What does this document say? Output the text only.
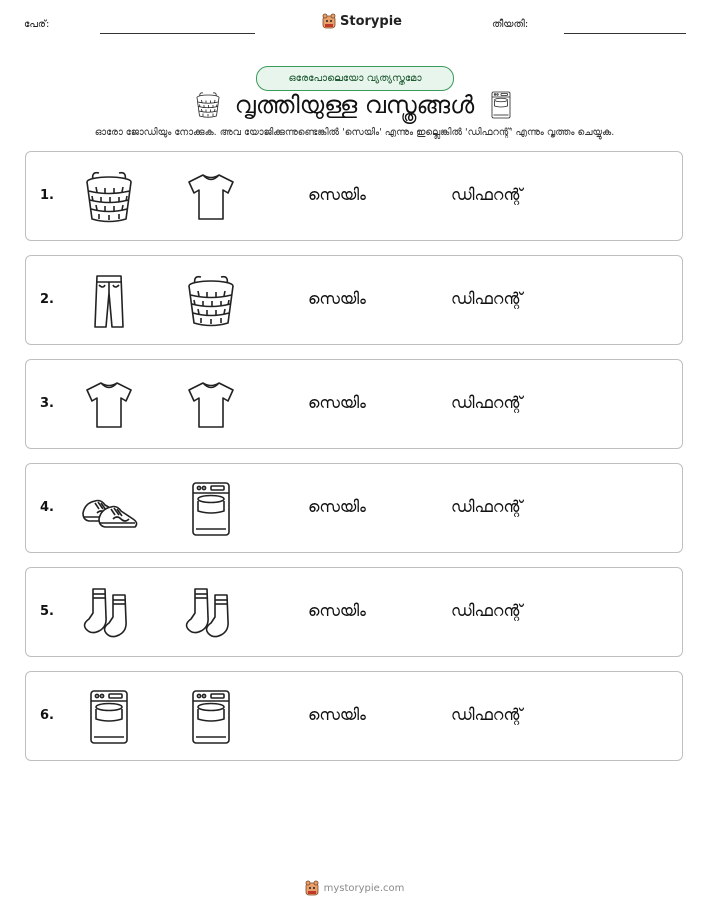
പേര്:	Storypie	തീയതി:
ഒരേപോലെയോ വ്യത്യസ്തമോ
വൃത്തിയുള്ള വസ്ത്രങ്ങൾ
ഓരോ ജോഡിയും നോക്കുക. അവ യോജിക്കുന്നുണ്ടെങ്കിൽ 'സെയിം' എന്നും ഇല്ലെങ്കിൽ 'ഡിഫറന്റ്' എന്നും വൃത്തം ചെയ്യുക.
1.	സെയിം	ഡിഫറന്റ്
2.	സെയിം	ഡിഫറന്റ്
3.	സെയിം	ഡിഫറന്റ്
4.	സെയിം	ഡിഫറന്റ്
5.	സെയിം	ഡിഫറന്റ്
6.	സെയിം	ഡിഫറന്റ്
mystorypie.com
